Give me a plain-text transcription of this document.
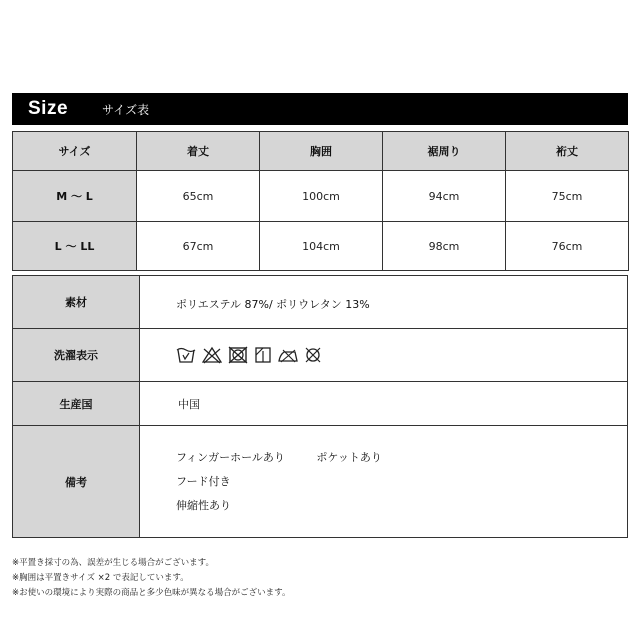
Size	サイズ表
サイズ	着丈	胸囲	裾周り	裄丈
M ～ L	65cm	100cm	94cm	75cm
L ～ LL	67cm	104cm	98cm	76cm
素材	ポリエステル 87%/ ポリウレタン 13%
洗濯表示	

生産国	中国
備考	フィンガーホールあり ポケットあり
フード付き
伸縮性あり
※平置き採寸の為、誤差が生じる場合がございます。
※胸囲は平置きサイズ ×2 で表記しています。
※お使いの環境により実際の商品と多少色味が異なる場合がございます。
